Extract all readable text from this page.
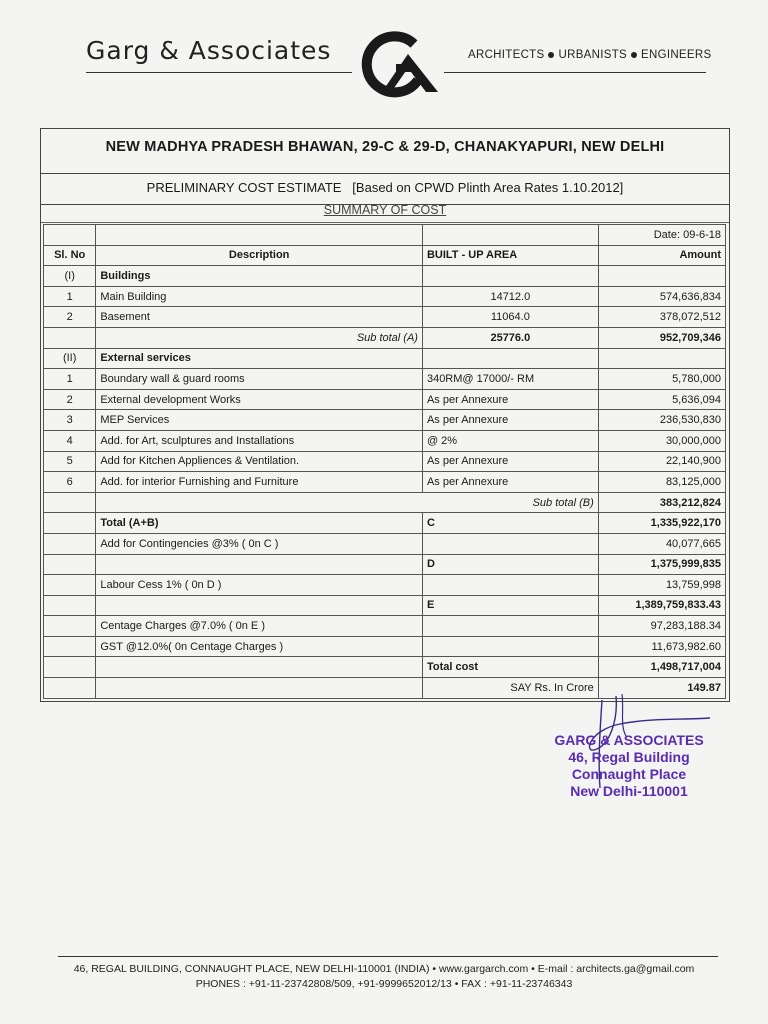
Garg & Associates	ARCHITECTS URBANISTS ENGINEERS
NEW MADHYA PRADESH BHAWAN, 29-C & 29-D, CHANAKYAPURI, NEW DELHI
PRELIMINARY COST ESTIMATE   [Based on CPWD Plinth Area Rates 1.10.2012]
SUMMARY OF COST
			Date: 09-6-18
Sl. No	Description	BUILT - UP AREA	Amount
(I)	Buildings		
1	Main Building	14712.0	574,636,834
2	Basement	11064.0	378,072,512
	Sub total (A)	25776.0	952,709,346
(II)	External services		
1	Boundary wall & guard rooms	340RM@ 17000/- RM	5,780,000
2	External development Works	As per Annexure	5,636,094
3	MEP Services	As per Annexure	236,530,830
4	Add. for Art, sculptures and Installations	@ 2%	30,000,000
5	Add for Kitchen Appliences & Ventilation.	As per Annexure	22,140,900
6	Add. for interior Furnishing and Furniture	As per Annexure	83,125,000
	Sub total (B)		383,212,824
	Total (A+B)	C	1,335,922,170
	Add for Contingencies @3% ( 0n C )		40,077,665
		D	1,375,999,835
	Labour Cess 1% ( 0n D )		13,759,998
		E	1,389,759,833.43
	Centage Charges @7.0% ( 0n E )		97,283,188.34
	GST @12.0%( 0n Centage Charges )		11,673,982.60
		Total cost	1,498,717,004
		SAY Rs. In Crore	149.87
GARG & ASSOCIATES
46, Regal Building
Connaught Place
New Delhi-110001
46, REGAL BUILDING, CONNAUGHT PLACE, NEW DELHI-110001 (INDIA) • www.gargarch.com • E-mail : architects.ga@gmail.com
PHONES : +91-11-23742808/509, +91-9999652012/13 • FAX : +91-11-23746343
